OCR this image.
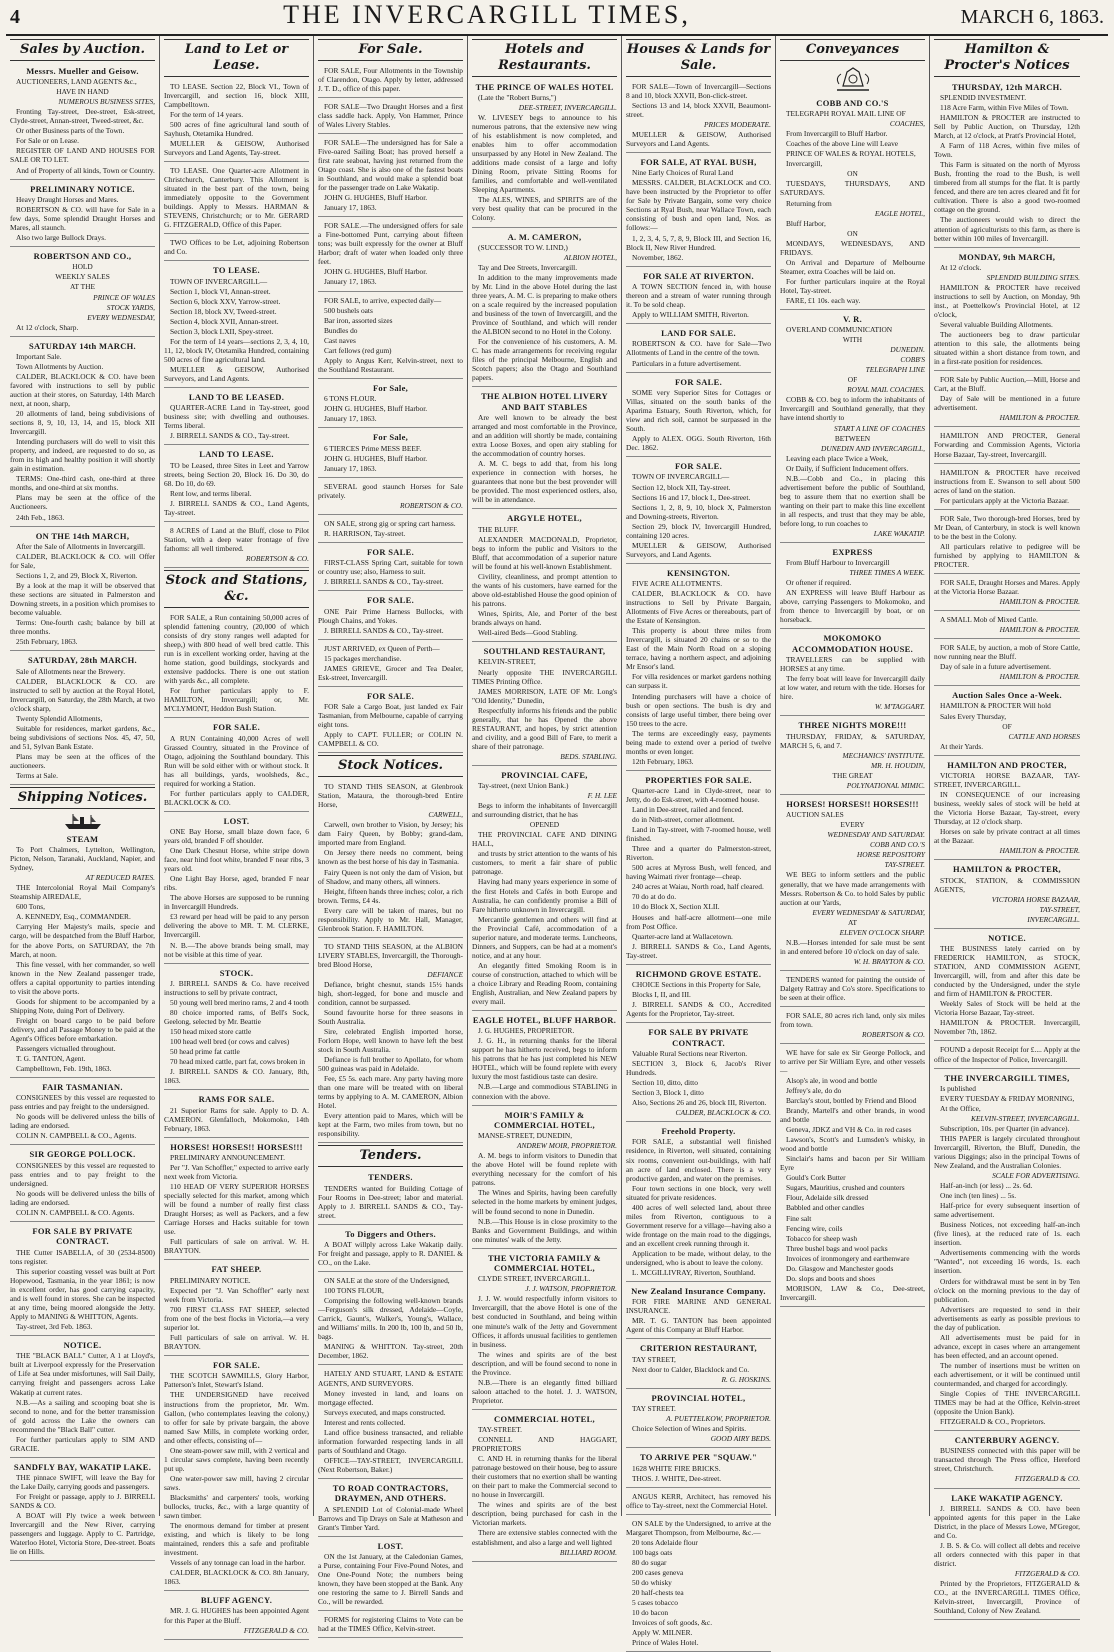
4	THE INVERCARGILL TIMES,	MARCH 6, 1863.
Sales by Auction.

Messrs. Mueller and Geisow.

AUCTIONEERS, LAND AGENTS &c.,

HAVE IN HAND

NUMEROUS BUSINESS SITES,

Fronting Tay-street, Dee-street, Esk-street, Clyde-street, Annan-street, Tweed-street, &c.

Or other Business parts of the Town.

For Sale or on Lease.

REGISTER OF LAND AND HOUSES FOR SALE OR TO LET.

And of Property of all kinds, Town or Country.

PRELIMINARY NOTICE.

Heavy Draught Horses and Mares.

ROBERTSON & CO. will have for Sale in a few days, Some splendid Draught Horses and Mares, all staunch.

Also two large Bullock Drays.

ROBERTSON AND CO.,

HOLD

WEEKLY SALES

AT THE

PRINCE OF WALES

STOCK YARDS,

EVERY WEDNESDAY,

At 12 o'clock, Sharp.

SATURDAY 14th MARCH.

Important Sale.

Town Allotments by Auction.

CALDER, BLACKLOCK & CO. have been favored with instructions to sell by public auction at their stores, on Saturday, 14th March next, at noon, sharp,

20 allotments of land, being subdivisions of sections 8, 9, 10, 13, 14, and 15, block XII Invercargill.

Intending purchasers will do well to visit this property, and indeed, are requested to do so, as from its high and healthy position it will shortly gain in estimation.

TERMS: One-third cash, one-third at three months, and one-third at six months.

Plans may be seen at the office of the Auctioneers.

24th Feb., 1863.

ON THE 14th MARCH,

After the Sale of Allotments in Invercargill.

CALDER, BLACKLOCK & CO. will Offer for Sale,

Sections 1, 2, and 29, Block X, Riverton.

By a look at the map it will be observed that these sections are situated in Palmerston and Downing streets, in a position which promises to become valuable.

Terms: One-fourth cash; balance by bill at three months.

25th February, 1863.

SATURDAY, 28th MARCH.

Sale of Allotments near the Brewery.

CALDER, BLACKLOCK & CO. are instructed to sell by auction at the Royal Hotel, Invercargill, on Saturday, the 28th March, at two o'clock sharp,

Twenty Splendid Allotments,

Suitable for residences, market gardens, &c., being subdivisions of sections Nos. 45, 47, 50, and 51, Sylvan Bank Estate.

Plans may be seen at the offices of the auctioneers.

Terms at Sale.

Shipping Notices.

STEAM

To Port Chalmers, Lyttelton, Wellington, Picton, Nelson, Taranaki, Auckland, Napier, and Sydney,

AT REDUCED RATES.

THE Intercolonial Royal Mail Company's Steamship AIREDALE,

600 Tons,

A. KENNEDY, Esq., COMMANDER.

Carrying Her Majesty's mails, specie and cargo, will be despatched from the Bluff Harbor, for the above Ports, on SATURDAY, the 7th March, at noon.

This fine vessel, with her commander, so well known in the New Zealand passenger trade, offers a capital opportunity to parties intending to visit the above ports.

Goods for shipment to be accompanied by a Shipping Note, duing Port of Delivery.

Freight on board cargo to be paid before delivery, and all Passage Money to be paid at the Agent's Offices before embarkation.

Passengers victualled throughout.

T. G. TANTON, Agent.

Campbelltown, Feb. 19th, 1863.

FAIR TASMANIAN.

CONSIGNEES by this vessel are requested to pass entries and pay freight to the undersigned.

No goods will be delivered unless the bills of lading are endorsed.

COLIN N. CAMPBELL & CO., Agents.

SIR GEORGE POLLOCK.

CONSIGNEES by this vessel are requested to pass entries and to pay freight to the undersigned.

No goods will be delivered unless the bills of lading are endorsed.

COLIN N. CAMPBELL & CO. Agents.

FOR SALE BY PRIVATE CONTRACT.

THE Cutter ISABELLA, of 30 (2534-8500) tons register.

This superior coasting vessel was built at Port Hopewood, Tasmania, in the year 1861; is now in excellent order, has good carrying capacity, and is well found in stores. She can be inspected at any time, being moored alongside the Jetty. Apply to MANING & WHITTON, Agents.

Tay-street, 3rd Feb. 1863.

NOTICE.

THE "BLACK BALL" Cutter, A 1 at Lloyd's, built at Liverpool expressly for the Preservation of Life at Sea under misfortunes, will Sail Daily, carrying freight and passengers across Lake Wakatip at current rates.

N.B.—As a sailing and scooping boat she is second to none, and for the better transmission of gold across the Lake the owners can recommend the "Black Ball" cutter.

For further particulars apply to SIM AND GRACIE.

SANDFLY BAY, WAKATIP LAKE.

THE pinnace SWIFT, will leave the Bay for the Lake Daily, carrying goods and passengers.

For Freight or passage, apply to J. BIRRELL SANDS & CO.

A BOAT will Ply twice a week between Invercargill and the New River, carrying passengers and luggage. Apply to C. Partridge, Waterloo Hotel, Victoria Store, Dee-street. Boats lie on Hills.

Land to Let or Lease.

TO LEASE. Section 22, Block VI., Town of Invercargill, and section 16, block XIII, Campbelltown.

For the term of 14 years.

500 acres of fine agricultural land south of Sayhush, Otetamika Hundred.

MUELLER & GEISOW, Authorised Surveyors and Land Agents, Tay-street.

TO LEASE. One Quarter-acre Allotment in Christchurch, Canterbury. This Allotment is situated in the best part of the town, being immediately opposite to the Government buildings. Apply to Messrs. HARMAN & STEVENS, Christchurch; or to Mr. GERARD G. FITZGERALD, Office of this Paper.

TWO Offices to be Let, adjoining Robertson and Co.

TO LEASE.

TOWN OF INVERCARGILL—

Section 1, block VI, Annan-street.

Section 6, block XXV, Yarrow-street.

Section 18, block XV, Tweed-street.

Section 4, block XVII, Annan-street.

Section 3, block LXII, Spey-street.

For the term of 14 years—sections 2, 3, 4, 10, 11, 12, block IV, Otetamika Hundred, containing 500 acres of fine agricultural land.

MUELLER & GEISOW, Authorised Surveyors, and Land Agents.

LAND TO BE LEASED.

QUARTER-ACRE Land in Tay-street, good business site; with dwelling and outhouses. Terms liberal.

J. BIRRELL SANDS & CO., Tay-street.

LAND TO LEASE.

TO be Leased, three Sites in Leet and Yarrow streets, being Section 20, Block 16. Do 30, do 68. Do 10, do 69.

Rent low, and terms liberal.

J. BIRRELL SANDS & CO., Land Agents, Tay-street.

8 ACRES of Land at the Bluff, close to Pilot Station, with a deep water frontage of five fathoms: all well timbered.

ROBERTSON & CO.

Stock and Stations, &c.

FOR SALE, a Run containing 50,000 acres of splendid fattening country, (20,000 of which consists of dry stony ranges well adapted for sheep,) with 800 head of well bred cattle. This run is in excellent working order, having at the home station, good buildings, stockyards and extensive paddocks. There is one out station with yards &c., all complete.

For further particulars apply to F. HAMILTON, Invercargill; or, Mr. M'CLYMONT, Heddon Bush Station.

FOR SALE.

A RUN Containing 40,000 Acres of well Grassed Country, situated in the Province of Otago, adjoining the Southland boundary. This Run will be sold either with or without stock. It has all buildings, yards, woolsheds, &c., required for working a Station.

For further particulars apply to CALDER, BLACKLOCK & CO.

LOST.

ONE Bay Horse, small blaze down face, 6 years old, branded F off shoulder.

One Dark Chesnut Horse, white stripe down face, near hind foot white, branded F near ribs, 3 years old.

One Light Bay Horse, aged, branded F near ribs.

The above Horses are supposed to be running in Invercargill Hundreds.

£3 reward per head will be paid to any person delivering the above to MR. T. M. CLERKE, Invercargill.

N. B.—The above brands being small, may not be visible at this time of year.

STOCK.

J. BIRRELL SANDS & Co. have received instructions to sell by private contract,

50 young well bred merino rams, 2 and 4 tooth

80 choice imported rams, of Bell's Sock, Geelong, selected by Mr. Beattie

150 head mixed store cattle

100 head well bred (or cows and calves)

50 head prime fat cattle

70 head mixed cattle, part fat, cows broken in

J. BIRRELL SANDS & CO. January, 8th, 1863.

RAMS FOR SALE.

21 Superior Rams for sale. Apply to D. A. CAMERON. Glenfalloch, Mokomoko, 14th February, 1863.

HORSES! HORSES!! HORSES!!!

PRELIMINARY ANNOUNCEMENT.

Per "J. Van Schoffler," expected to arrive early next week from Victoria.

110 HEAD OF VERY SUPERIOR HORSES specially selected for this market, among which will be found a number of really first class Draught Horses; as well as Packers, and a few Carriage Horses and Hacks suitable for town use.

Full particulars of sale on arrival. W. H. BRAYTON.

FAT SHEEP.

PRELIMINARY NOTICE.

Expected per "J. Van Schoffler" early next week from Victoria.

700 FIRST CLASS FAT SHEEP, selected from one of the best flocks in Victoria,—a very superior lot.

Full particulars of sale on arrival. W. H. BRAYTON.

FOR SALE.

THE SCOTCH SAWMILLS, Glory Harbor, Patterson's Inlet, Stewart's Island.

THE UNDERSIGNED have received instructions from the proprietor, Mr. Wm. Gallon, (who contemplates leaving the colony,) to offer for sale by private bargain, the above named Saw Mills, in complete working order, and other effects, consisting of—

One steam-power saw mill, with 2 vertical and 1 circular saws complete, having been recently put up.

One water-power saw mill, having 2 circular saws.

Blacksmiths' and carpenters' tools, working bullocks, trucks, &c., with a large quantity of sawn timber.

The enormous demand for timber at present existing, and which is likely to be long maintained, renders this a safe and profitable investment.

Vessels of any tonnage can load in the harbor.

CALDER, BLACKLOCK & CO. 8th January, 1863.

BLUFF AGENCY.

MR. J. G. HUGHES has been appointed Agent for this Paper at the Bluff.

FITZGERALD & CO.

For Sale.

FOR SALE, Four Allotments in the Township of Clarendon, Otago. Apply by letter, addressed J. T. D., office of this paper.

FOR SALE—Two Draught Horses and a first class saddle hack. Apply, Von Hammer, Prince of Wales Livery Stables.

FOR SALE—The undersigned has for Sale a Five-oared Sailing Boat; has proved herself a first rate seaboat, having just returned from the Otago coast. She is also one of the fastest boats in Southland, and would make a splendid boat for the passenger trade on Lake Wakatip.

JOHN G. HUGHES, Bluff Harbor.

January 17, 1863.

FOR SALE.—The undersigned offers for sale a Fine-bottomed Punt, carrying about fifteen tons; was built expressly for the owner at Bluff Harbor; draft of water when loaded only three feet.

JOHN G. HUGHES, Bluff Harbor.

January 17, 1863.

FOR SALE, to arrive, expected daily—

500 bushels oats

Bar iron, assorted sizes

Bundles do

Cast naves

Cart fellows (red gum)

Apply to Angus Kerr, Kelvin-street, next to the Southland Restaurant.

For Sale,

6 TONS FLOUR.

JOHN G. HUGHES, Bluff Harbor.

January 17, 1863.

For Sale,

6 TIERCES Prime MESS BEEF.

JOHN G. HUGHES, Bluff Harbor.

January 17, 1863.

SEVERAL good staunch Horses for Sale privately.

ROBERTSON & CO.

ON SALE, strong gig or spring cart harness.

R. HARRISON, Tay-street.

FOR SALE.

FIRST-CLASS Spring Cart, suitable for town or country use; also, Harness to suit.

J. BIRRELL SANDS & CO., Tay-street.

FOR SALE.

ONE Pair Prime Harness Bullocks, with Plough Chains, and Yokes.

J. BIRRELL SANDS & CO., Tay-street.

JUST ARRIVED, ex Queen of Perth—

15 packages merchandise.

JAMES GRIEVE, Grocer and Tea Dealer, Esk-street, Invercargill.

FOR SALE.

FOR Sale a Cargo Boat, just landed ex Fair Tasmanian, from Melbourne, capable of carrying eight tons.

Apply to CAPT. FULLER; or COLIN N. CAMPBELL & CO.

Stock Notices.

TO STAND THIS SEASON, at Glenbrook Station, Mataura, the thorough-bred Entire Horse,

CARWELL,

Carwell, own brother to Vision, by Jersey; his dam Fairy Queen, by Bobby; grand-dam, imported mare from England.

On Jersey there needs no comment, being known as the best horse of his day in Tasmania.

Fairy Queen is not only the dam of Vision, but of Shadow, and many others, all winners.

Height, fifteen hands three inches; color, a rich brown. Terms, £4 4s.

Every care will be taken of mares, but no responsibility. Apply to Mr. Hall, Manager, Glenbrook Station. F. HAMILTON.

TO STAND THIS SEASON, at the ALBION LIVERY STABLES, Invercargill, the Thorough-bred Blood Horse,

DEFIANCE

Defiance, bright chesnut, stands 15½ hands high, short-legged, for bone and muscle and condition, cannot be surpassed.

Sound favourite horse for three seasons in South Australia.

Sire, celebrated English imported horse, Forlorn Hope, well known to have left the best stock in South Australia.

Defiance is full brother to Apollato, for whom 500 guineas was paid in Adelaide.

Fee, £5 5s. each mare. Any party having more than one mare will be treated with on liberal terms by applying to A. M. CAMERON, Albion Hotel.

Every attention paid to Mares, which will be kept at the Farm, two miles from town, but no responsibility.

Tenders.

TENDERS.

TENDERS wanted for Building Cottage of Four Rooms in Dee-street; labor and material. Apply to J. BIRRELL SANDS & CO., Tay-street.

To Diggers and Others.

A BOAT willply across Lake Wakatip daily. For freight and passage, apply to R. DANIEL & CO., on the Lake.

ON SALE at the store of the Undersigned,

100 TONS FLOUR,

Comprising the following well-known brands—Ferguson's silk dressed, Adelaide—Coyle, Carrick, Gaunt's, Walker's, Young's, Wallace, and Williams' mills. In 200 lb, 100 lb, and 50 lb, bags.

MANING & WHITTON. Tay-street, 20th December, 1862.

HATELY AND STUART, LAND & ESTATE AGENTS, AND SURVEYORS.

Money invested in land, and loans on mortgage effected.

Surveys executed, and maps constructed.

Interest and rents collected.

Land office business transacted, and reliable information forwarded respecting lands in all parts of Southland and Otago.

OFFICE—TAY-STREET, INVERCARGILL (Next Robertson, Baker.)

TO ROAD CONTRACTORS, DRAYMEN, AND OTHERS.

A SPLENDID Lot of Colonial-made Wheel Barrows and Tip Drays on Sale at Matheson and Grant's Timber Yard.

LOST.

ON the 1st January, at the Caledonian Games, a Purse, containing Four Five-Pound Notes, and One One-Pound Note; the numbers being known, they have been stopped at the Bank. Any one restoring the same to J. Birrell Sands and Co., will be rewarded.

FORMS for registering Claims to Vote can be had at the TIMES Office, Kelvin-street.

Hotels and Restaurants.

THE PRINCE OF WALES HOTEL

(Late the "Robert Burns,")

DEE-STREET, INVERCARGILL.

W. LIVESEY begs to announce to his numerous patrons, that the extensive new wing of his establishment is now completed, and enables him to offer accommodation unsurpassed by any Hotel in New Zealand. The additions made consist of a large and lofty Dining Room, private Sitting Rooms for families, and comfortable and well-ventilated Sleeping Apartments.

The ALES, WINES, and SPIRITS are of the very best quality that can be procured in the Colony.

A. M. CAMERON,

(SUCCESSOR TO W. LIND,)

ALBION HOTEL,

Tay and Dee Streets, Invercargill.

In addition to the many improvements made by Mr. Lind in the above Hotel during the last three years, A. M. C. is preparing to make others on a scale required by the increased population and business of the town of Invercargill, and the Province of Southland, and which will render the ALBION second to no Hotel in the Colony.

For the convenience of his customers, A. M. C. has made arrangements for receiving regular files of the principal Melbourne, English and Scotch papers; also the Otago and Southland papers.

THE ALBION HOTEL LIVERY AND BAIT STABLES

Are well known to be already the best arranged and most comfortable in the Province, and an addition will shortly be made, containing extra Loose Boxes, and open airy stabling for the accommodation of country horses.

A. M. C. begs to add that, from his long experience in connection with horses, he guarantees that none but the best provender will be provided. The most experienced ostlers, also, will be in attendance.

ARGYLE HOTEL,

THE BLUFF.

ALEXANDER MACDONALD, Proprietor, begs to inform the public and Visitors to the Bluff, that accommodation of a superior nature will be found at his well-known Establishment.

Civility, cleanliness, and prompt attention to the wants of his customers, have earned for the above old-established House the good opinion of his patrons.

Wines, Spirits, Ale, and Porter of the best brands always on hand.

Well-aired Beds—Good Stabling.

SOUTHLAND RESTAURANT,

KELVIN-STREET,

Nearly opposite THE INVERCARGILL TIMES Printing Office.

JAMES MORRISON, LATE OF Mr. Long's "Old Identity," Dunedin,

Respectfully informs his friends and the public generally, that he has Opened the above RESTAURANT, and hopes, by strict attention and civility, and a good Bill of Fare, to merit a share of their patronage.

BEDS. STABLING.

PROVINCIAL CAFE,

Tay-street, (next Union Bank.)

F. H. LEE

Begs to inform the inhabitants of Invercargill and surrounding district, that he has

OPENED

THE PROVINCIAL CAFE AND DINING HALL,

and trusts by strict attention to the wants of his customers, to merit a fair share of public patronage.

Having had many years experience in some of the first Hotels and Cafés in both Europe and Australia, he can confidently promise a Bill of Fare hitherto unknown in Invercargill.

Mercantile gentlemen and others will find at the Provincial Café, accommodation of a superior nature, and moderate terms. Luncheons, Dinners, and Suppers, can be had at a moment's notice, and at any hour.

An elegantly fitted Smoking Room is in course of construction, attached to which will be a choice Library and Reading Room, containing English, Australian, and New Zealand papers by every mail.

EAGLE HOTEL, BLUFF HARBOR.

J. G. HUGHES, PROPRIETOR.

J. G. H., in returning thanks for the liberal support he has hitherto received, begs to inform his patrons that he has just completed his NEW HOTEL, which will be found replete with every luxury the most fastidious taste can desire.

N.B.—Large and commodious STABLING in connexion with the above.

MOIR'S FAMILY & COMMERCIAL HOTEL,

MANSE-STREET, DUNEDIN,

ANDREW MOIR, PROPRIETOR.

A. M. begs to inform visitors to Dunedin that the above Hotel will be found replete with everything necessary for the comfort of his patrons.

The Wines and Spirits, having been carefully selected in the home markets by eminent judges, will be found second to none in Dunedin.

N.B.—This House is in close proximity to the Banks and Government Buildings, and within one minutes' walk of the Jetty.

THE VICTORIA FAMILY & COMMERCIAL HOTEL,

CLYDE STREET, INVERCARGILL.

J. J. WATSON, PROPRIETOR.

J. J. W. would respectfully inform visitors to Invercargill, that the above Hotel is one of the best conducted in Southland, and being within one minute's walk of the Jetty and Government Offices, it affords unusual facilities to gentlemen in business.

The wines and spirits are of the best description, and will be found second to none in the Province.

N.B.—There is an elegantly fitted billiard saloon attached to the hotel. J. J. WATSON, Proprietor.

COMMERCIAL HOTEL,

TAY-STREET.

CONNELL AND HAGGART, PROPRIETORS

C. AND H. in returning thanks for the liberal patronage bestowed on their house, beg to assure their customers that no exertion shall be wanting on their part to make the Commercial second to no house in Invercargill.

The wines and spirits are of the best description, being purchased for cash in the Victorian markets.

There are extensive stables connected with the establishment, and also a large and well lighted

BILLIARD ROOM.

Houses & Lands for Sale.

FOR SALE—Town of Invercargill—Sections 8 and 10, block XXVII, Bon-click-street.

Sections 13 and 14, block XXVII, Beaumont-street.

PRICES MODERATE.

MUELLER & GEISOW, Authorised Surveyors and Land Agents.

FOR SALE, AT RYAL BUSH,

Nine Early Choices of Rural Land

MESSRS. CALDER, BLACKLOCK and CO. have been instructed by the Proprietor to offer for Sale by Private Bargain, some very choice Sections at Ryal Bush, near Wallace Town, each consisting of bush and open land, Nos. as follows:—

1, 2, 3, 4, 5, 7, 8, 9, Block III, and Section 16, Block II, New River Hundred.

November, 1862.

FOR SALE AT RIVERTON.

A TOWN SECTION fenced in, with house thereon and a stream of water running through it. To be sold cheap.

Apply to WILLIAM SMITH, Riverton.

LAND FOR SALE.

ROBERTSON & CO. have for Sale—Two Allotments of Land in the centre of the town.

Particulars in a future advertisement.

FOR SALE.

SOME very Superior Sites for Cottages or Villas, situated on the south banks of the Aparima Estuary, South Riverton, which, for view and rich soil, cannot be surpassed in the South.

Apply to ALEX. OGG. South Riverton, 16th Dec. 1862.

FOR SALE.

TOWN OF INVERCARGILL—

Section 12, block XII, Tay-street.

Sections 16 and 17, block I., Dee-street.

Sections 1, 2, 8, 9, 10, block X, Palmerston and Downing-streets, Riverton.

Section 29, block IV, Invercargill Hundred, containing 120 acres.

MUELLER & GEISOW, Authorised Surveyors, and Land Agents.

KENSINGTON.

FIVE ACRE ALLOTMENTS.

CALDER, BLACKLOCK & CO. have instructions to Sell by Private Bargain, Allotments of Five Acres or thereabouts, part of the Estate of Kensington.

This property is about three miles from Invercargill, is situated 20 chains or so to the East of the Main North Road on a sloping terrace, having a northern aspect, and adjoining Mr Ensor's land.

For villa residences or market gardens nothing can surpass it.

Intending purchasers will have a choice of bush or open sections. The bush is dry and consists of large useful timber, there being over 150 trees to the acre.

The terms are exceedingly easy, payments being made to extend over a period of twelve months or even longer.

12th February, 1863.

PROPERTIES FOR SALE.

Quarter-acre Land in Clyde-street, near to Jetty, do do Esk-street, with 4-roomed house.

Land in Dee-street, railed and fenced.

do in Nith-street, corner allotment.

Land in Tay-street, with 7-roomed house, well finished.

Three and a quarter do Palmerston-street, Riverton.

500 acres at Myross Bush, well fenced, and having Waimati river frontage—cheap.

240 acres at Waiau, North road, half cleared.

70 do at do do.

10 do Block X, Section XLII.

Houses and half-acre allotment—one mile from Post Office.

Quarter-acre land at Wallacetown.

J. BIRRELL SANDS & Co., Land Agents, Tay-street.

RICHMOND GROVE ESTATE.

CHOICE Sections in this Property for Sale,

Blocks I, II, and III.

J. BIRRELL SANDS & CO., Accredited Agents for the Proprietor, Tay-street.

FOR SALE BY PRIVATE CONTRACT.

Valuable Rural Sections near Riverton.

SECTION 3, Block 6, Jacob's River Hundreds.

Section 10, ditto, ditto

Section 3, Block 1, ditto

Also, Sections 26 and 26, block III, Riverton.

CALDER, BLACKLOCK & CO.

Freehold Property.

FOR SALE, a substantial well finished residence, in Riverton, well situated, containing six rooms, convenient out-buildings, with half an acre of land enclosed. There is a very productive garden, and water on the premises.

Four town sections in one block, very well situated for private residences.

400 acres of well selected land, about three miles from Riverton, contiguous to a Government reserve for a village—having also a wide frontage on the main road to the diggings, and an excellent creek running through it.

Application to be made, without delay, to the undersigned, who is about to leave the colony.

L. MCGILLIVRAY, Riverton, Southland.

New Zealand Insurance Company.

FOR FIRE MARINE AND GENERAL INSURANCE.

MR. T. G. TANTON has been appointed Agent of this Company at Bluff Harbor.

CRITERION RESTAURANT,

TAY STREET,

Next door to Calder, Blacklock and Co.

R. G. HOSKINS.

PROVINCIAL HOTEL,

TAY STREET.

A. PUETTELKOW, PROPRIETOR.

Choice Selection of Wines and Spirits.

GOOD AIRY BEDS.

TO ARRIVE PER "SQUAW."

1628 WHITE FIRE BRICKS.

THOS. J. WHITE, Dee-street.

ANGUS KERR, Architect, has removed his office to Tay-street, next the Commercial Hotel.

ON SALE by the Undersigned, to arrive at the Margaret Thompson, from Melbourne, &c.—

20 tons Adelaide flour

100 bags oats

80 do sugar

200 cases geneva

50 do whisky

20 half-chests tea

5 cases tobacco

10 do bacon

Invoices of soft goods, &c.

Apply W. MILNER.

Prince of Wales Hotel.

Conveyances

COBB AND CO.'S

TELEGRAPH ROYAL MAIL LINE OF

COACHES,

From Invercargill to Bluff Harbor.

Coaches of the above Line will Leave

PRINCE OF WALES & ROYAL HOTELS,

Invercargill,

ON

TUESDAYS, THURSDAYS, AND SATURDAYS.

Returning from

EAGLE HOTEL,

Bluff Harbor,

ON

MONDAYS, WEDNESDAYS, AND FRIDAYS.

On Arrival and Departure of Melbourne Steamer, extra Coaches will be laid on.

For further particulars inquire at the Royal Hotel, Tay-street.

FARE, £1 10s. each way.

V. R.

OVERLAND COMMUNICATION

WITH

DUNEDIN.

COBB'S

TELEGRAPH LINE

OF

ROYAL MAIL COACHES.

COBB & CO. beg to inform the inhabitants of Invercargill and Southland generally, that they have intend shortly to

START A LINE OF COACHES

BETWEEN

DUNEDIN AND INVERCARGILL,

Leaving each place Twice a Week,

Or Daily, if Sufficient Inducement offers.

N.B.—Cobb and Co., in placing this advertisement before the public of Southland, beg to assure them that no exertion shall be wanting on their part to make this line excellent in all respects, and trust that they may be able, before long, to run coaches to

LAKE WAKATIP.

EXPRESS

From Bluff Harbour to Invercargill

THREE TIMES A WEEK.

Or oftener if required.

AN EXPRESS will leave Bluff Harbour as above, carrying Passengers to Mokomoko, and from thence to Invercargill by boat, or on horseback.

MOKOMOKO ACCOMMODATION HOUSE.

TRAVELLERS can be supplied with HORSES at any time.

The ferry boat will leave for Invercargill daily at low water, and return with the tide. Horses for hire.

W. M'TAGGART.

THREE NIGHTS MORE!!!

THURSDAY, FRIDAY, & SATURDAY, MARCH 5, 6, and 7.

MECHANICS' INSTITUTE.

MR. H. HOUDIN,

THE GREAT

POLYNATIONAL MIMIC.

HORSES! HORSES!! HORSES!!!

AUCTION SALES

EVERY

WEDNESDAY AND SATURDAY.

COBB AND CO.'S

HORSE REPOSITORY

TAY-STREET.

WE BEG to inform settlers and the public generally, that we have made arrangements with Messrs. Robertson & Co. to hold Sales by public auction at our Yards,

EVERY WEDNESDAY & SATURDAY,

AT

ELEVEN O'CLOCK SHARP.

N.B.—Horses intended for sale must be sent in and entered before 10 o'clock on day of sale.

W. H. BRAYTON & CO.

TENDERS wanted for painting the outside of Dalgety Rattray and Co's store. Specifications to be seen at their office.

FOR SALE, 80 acres rich land, only six miles from town.

ROBERTSON & CO.

WE have for sale ex Sir George Pollock, and to arrive per Sir William Eyre, and other vessels—

Alsop's ale, in wood and bottle

Jeffrey's ale, do do

Barclay's stout, bottled by Friend and Blood

Brandy, Martell's and other brands, in wood and bottle

Geneva, JDKZ and VH & Co. in red cases

Lawson's, Scott's and Lumsden's whisky, in wood and bottle

Sinclair's hams and bacon per Sir William Eyre

Gould's Cork Butter

Sugars, Mauritius, crushed and counters

Flour, Adelaide silk dressed

Babbled and other candles

Fine salt

Fencing wire, coils

Tobacco for sheep wash

Three bushel bags and wool packs

Invoices of ironmongery and earthenware

Do. Glasgow and Manchester goods

Do. slops and boots and shoes

MORISON, LAW & Co., Dee-street, Invercargill.

Hamilton & Procter's Notices

THURSDAY, 12th MARCH.

SPLENDID INVESTMENT.

118 Acre Farm, within Five Miles of Town.

HAMILTON & PROCTER are instructed to Sell by Public Auction, on Thursday, 12th March, at 12 o'clock, at Pratt's Provincial Hotel,

A Farm of 118 Acres, within five miles of Town.

This Farm is situated on the north of Myross Bush, fronting the road to the Bush, is well timbered from all stumps for the flat. It is partly fenced, and there are ten acres cleared and fit for cultivation. There is also a good two-roomed cottage on the ground.

The auctioneers would wish to direct the attention of agriculturists to this farm, as there is better within 100 miles of Invercargill.

MONDAY, 9th MARCH,

At 12 o'clock.

SPLENDID BUILDING SITES.

HAMILTON & PROCTER have received instructions to sell by Auction, on Monday, 9th inst., at Poettelkow's Provincial Hotel, at 12 o'clock,

Several valuable Building Allotments.

The auctioneers beg to draw particular attention to this sale, the allotments being situated within a short distance from town, and in a first-rate position for residences.

FOR Sale by Public Auction,—Mill, Horse and Cart, at the Bluff.

Day of Sale will be mentioned in a future advertisement.

HAMILTON & PROCTER.

HAMILTON AND PROCTER, General Forwarding and Commission Agents, Victoria Horse Bazaar, Tay-street, Invercargill.

HAMILTON & PROCTER have received instructions from E. Swanson to sell about 500 acres of land on the station.

For particulars apply at the Victoria Bazaar.

FOR Sale, Two thorough-bred Horses, bred by Mr Dean, of Canterbury, in stock is well known to be the best in the Colony.

All particulars relative to pedigree will be furnished by applying to HAMILTON & PROCTER.

FOR SALE, Draught Horses and Mares. Apply at the Victoria Horse Bazaar.

HAMILTON & PROCTER.

A SMALL Mob of Mixed Cattle.

HAMILTON & PROCTER.

FOR SALE, by auction, a mob of Store Cattle, now running near the Bluff.

Day of sale in a future advertisement.

HAMILTON & PROCTER.

Auction Sales Once a-Week.

HAMILTON & PROCTER Will hold

Sales Every Thursday,

OF

CATTLE AND HORSES

At their Yards.

HAMILTON AND PROCTER,

VICTORIA HORSE BAZAAR, TAY-STREET, INVERCARGILL.

IN CONSEQUENCE of our increasing business, weekly sales of stock will be held at the Victoria Horse Bazaar, Tay-street, every Thursday, at 12 o'clock sharp.

Horses on sale by private contract at all times at the Bazaar.

HAMILTON & PROCTER.

HAMILTON & PROCTER,

STOCK, STATION, & COMMISSION AGENTS,

VICTORIA HORSE BAZAAR,

TAY-STREET,

INVERCARGILL.

NOTICE.

THE BUSINESS lately carried on by FREDERICK HAMILTON, as STOCK, STATION, AND COMMISSION AGENT, Invercargill, will, from and after this date be conducted by the Undersigned, under the style and firm of HAMILTON & PROCTER.

Weekly Sales of Stock will be held at the Victoria Horse Bazaar, Tay-street.

HAMILTON & PROCTER. Invercargill, November 7th, 1862.

FOUND a deposit Receipt for £.... Apply at the office of the Inspector of Police, Invercargill.

THE INVERCARGILL TIMES,

Is published

EVERY TUESDAY & FRIDAY MORNING,

At the Office,

KELVIN-STREET, INVERCARGILL.

Subscription, 10s. per Quarter (in advance).

THIS PAPER is largely circulated throughout Invercargill, Riverton, the Bluff, Dunedin, the various Diggings; also in the principal Towns of New Zealand, and the Australian Colonies.

SCALE FOR ADVERTISING.

Half-an-inch (or less) ... 2s. 6d.

One inch (ten lines) ... 5s.

Half-price for every subsequent insertion of same advertisement.

Business Notices, not exceeding half-an-inch (five lines), at the reduced rate of 1s. each insertion.

Advertisements commencing with the words "Wanted", not exceeding 16 words, 1s. each insertion.

Orders for withdrawal must be sent in by Ten o'clock on the morning previous to the day of publication.

Advertisers are requested to send in their advertisements as early as possible previous to the day of publication.

All advertisements must be paid for in advance, except in cases where an arrangement has been effected, and an account opened.

The number of insertions must be written on each advertisement, or it will be continued until countermanded, and charged for accordingly.

Single Copies of THE INVERCARGILL TIMES may be had at the Office, Kelvin-street (opposite the Union Bank).

FITZGERALD & CO., Proprietors.

CANTERBURY AGENCY.

BUSINESS connected with this paper will be transacted through The Press office, Hereford street, Christchurch.

FITZGERALD & CO.

LAKE WAKATIP AGENCY.

J. BIRRELL SANDS & CO. have been appointed agents for this paper in the Lake District, in the place of Messrs Lowe, M'Gregor, and Co.

J. B. S. & Co. will collect all debts and receive all orders connected with this paper in that district.

FITZGERALD & CO.

Printed by the Proprietors, FITZGERALD & CO., at the INVERCARGILL TIMES Office, Kelvin-street, Invercargill, Province of Southland, Colony of New Zealand.
